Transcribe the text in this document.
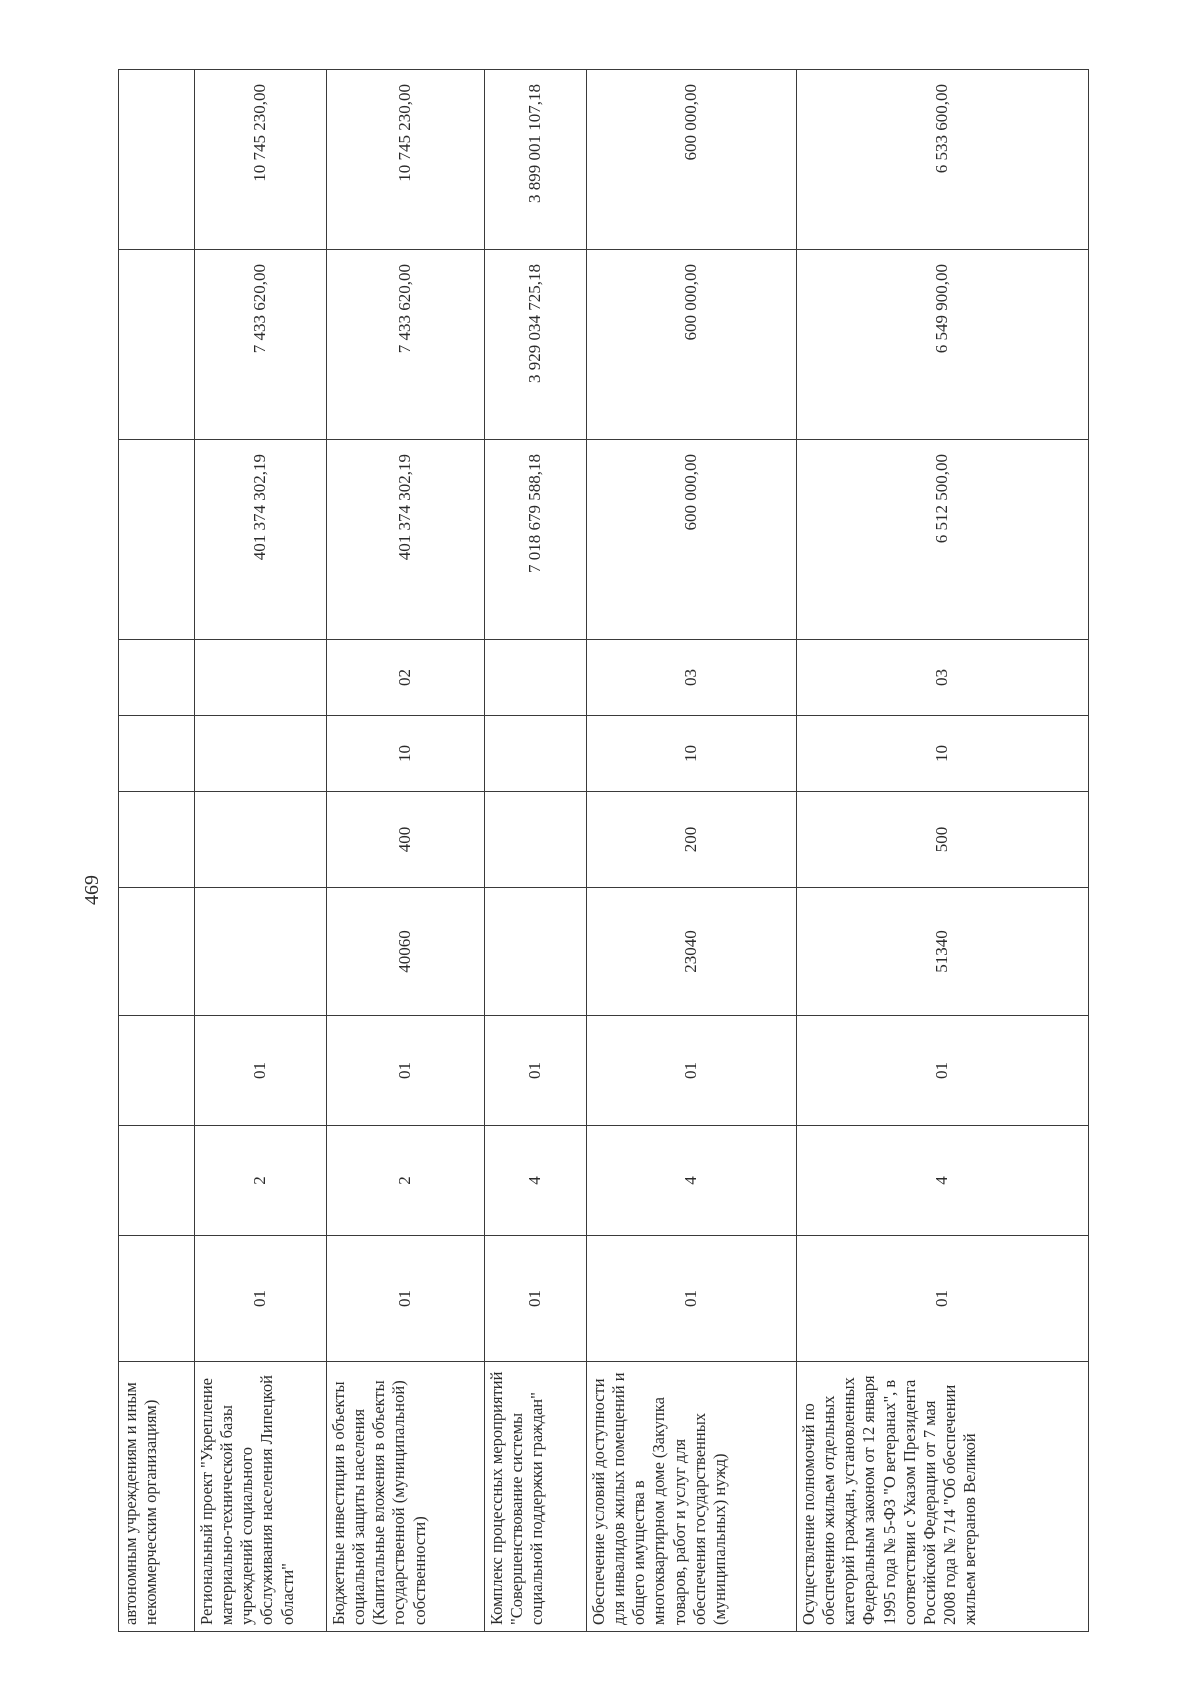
469
автономным учреждениям и иным некоммерческим организациям)										
Региональный проект "Укрепление материально-технической базы учреждений социального обслуживания населения Липецкой области"	01	2	01					401 374 302,19	7 433 620,00	10 745 230,00
Бюджетные инвестиции в объекты социальной защиты населения (Капитальные вложения в объекты государственной (муниципальной) собственности)	01	2	01	40060	400	10	02	401 374 302,19	7 433 620,00	10 745 230,00
Комплекс процессных мероприятий "Совершенствование системы социальной поддержки граждан"	01	4	01					7 018 679 588,18	3 929 034 725,18	3 899 001 107,18
Обеспечение условий доступности для инвалидов жилых помещений и общего имущества в многоквартирном доме (Закупка товаров, работ и услуг для обеспечения государственных (муниципальных) нужд)	01	4	01	23040	200	10	03	600 000,00	600 000,00	600 000,00
Осуществление полномочий по обеспечению жильем отдельных категорий граждан, установленных Федеральным законом от 12 января 1995 года № 5-ФЗ "О ветеранах", в соответствии с Указом Президента Российской Федерации от 7 мая 2008 года № 714 "Об обеспечении жильем ветеранов Великой	01	4	01	51340	500	10	03	6 512 500,00	6 549 900,00	6 533 600,00
